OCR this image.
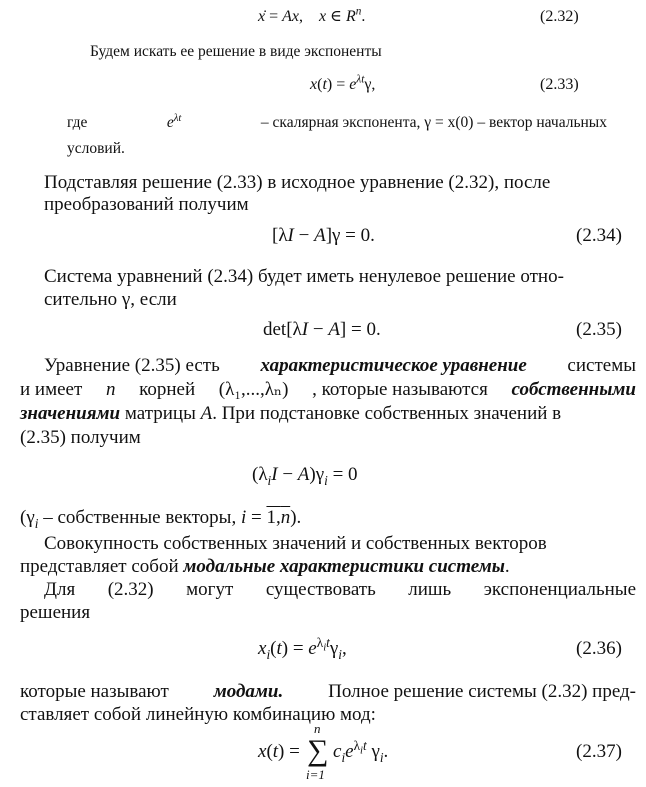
ẋ = Ax,    x ∈ $R^n$.	(2.32)
Будем искать ее решение в виде экспоненты
$x(t) = e^{\lambda t}\gamma$,	(2.33)
где	$e^{\lambda t}$	– скалярная экспонента, γ = x(0) – вектор начальных
условий.
Подставляя решение (2.33) в исходное уравнение (2.32), после
преобразований получим
[λI − A]γ = 0.	(2.34)
Система уравнений (2.34) будет иметь ненулевое решение отно-
сительно γ, если
det[λI − A] = 0.	(2.35)
Уравнение (2.35) есть характеристическое уравнение системы
и имеет n корней (λ₁,...,λₙ) , которые называются собственными
значениями матрицы A. При подстановке собственных значений в
(2.35) получим
$(\lambda_iI - A)\gamma_i = 0$
($\gamma_i$ – собственные векторы, i = 1,n).
Совокупность собственных значений и собственных векторов
представляет собой модальные характеристики системы.
Для (2.32) могут существовать лишь экспоненциальные
решения
$x_i(t) = e^{\lambda_it}\gamma_i$,	(2.36)
которые называют модами. Полное решение системы (2.32) пред-
ставляет собой линейную комбинацию мод:
x(t) =
n
∑
i=1
$c_ie^{\lambda_it}$ $\gamma_i$.	(2.37)
